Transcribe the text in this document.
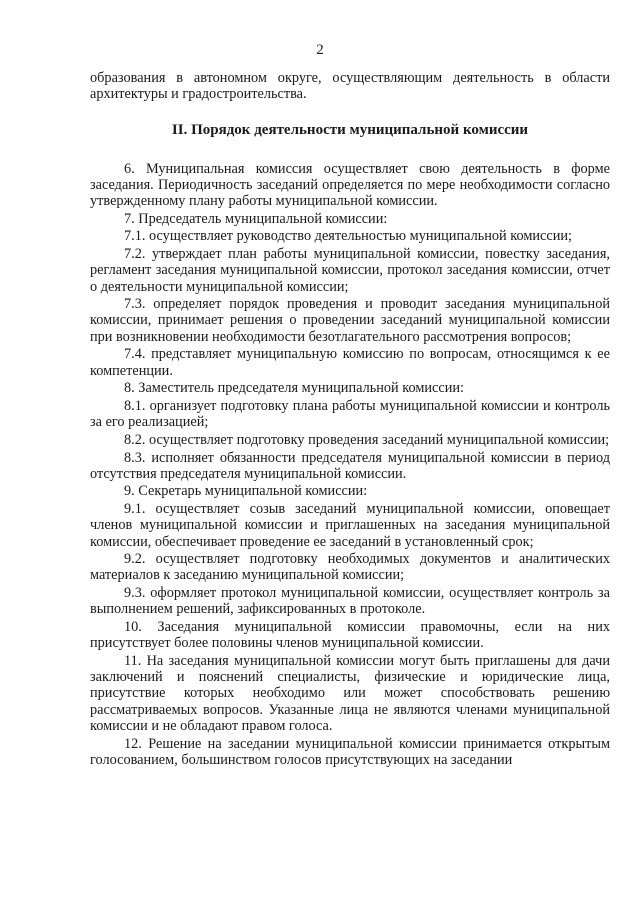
2

образования в автономном округе, осуществляющим деятельность в области архитектуры и градостроительства.

II. Порядок деятельности муниципальной комиссии

6. Муниципальная комиссия осуществляет свою деятельность в форме заседания. Периодичность заседаний определяется по мере необходимости согласно утвержденному плану работы муниципальной комиссии.

7. Председатель муниципальной комиссии:

7.1. осуществляет руководство деятельностью муниципальной комиссии;

7.2. утверждает план работы муниципальной комиссии, повестку заседания, регламент заседания муниципальной комиссии, протокол заседания комиссии, отчет о деятельности муниципальной комиссии;

7.3. определяет порядок проведения и проводит заседания муниципальной комиссии, принимает решения о проведении заседаний муниципальной комиссии при возникновении необходимости безотлагательного рассмотрения вопросов;

7.4. представляет муниципальную комиссию по вопросам, относящимся к ее компетенции.

8. Заместитель председателя муниципальной комиссии:

8.1. организует подготовку плана работы муниципальной комиссии и контроль за его реализацией;

8.2. осуществляет подготовку проведения заседаний муниципальной комиссии;

8.3. исполняет обязанности председателя муниципальной комиссии в период отсутствия председателя муниципальной комиссии.

9. Секретарь муниципальной комиссии:

9.1. осуществляет созыв заседаний муниципальной комиссии, оповещает членов муниципальной комиссии и приглашенных на заседания муниципальной комиссии, обеспечивает проведение ее заседаний в установленный срок;

9.2. осуществляет подготовку необходимых документов и аналитических материалов к заседанию муниципальной комиссии;

9.3. оформляет протокол муниципальной комиссии, осуществляет контроль за выполнением решений, зафиксированных в протоколе.

10. Заседания муниципальной комиссии правомочны, если на них присутствует более половины членов муниципальной комиссии.

11. На заседания муниципальной комиссии могут быть приглашены для дачи заключений и пояснений специалисты, физические и юридические лица, присутствие которых необходимо или может способствовать решению рассматриваемых вопросов. Указанные лица не являются членами муниципальной комиссии и не обладают правом голоса.

12. Решение на заседании муниципальной комиссии принимается открытым голосованием, большинством голосов присутствующих на заседании
